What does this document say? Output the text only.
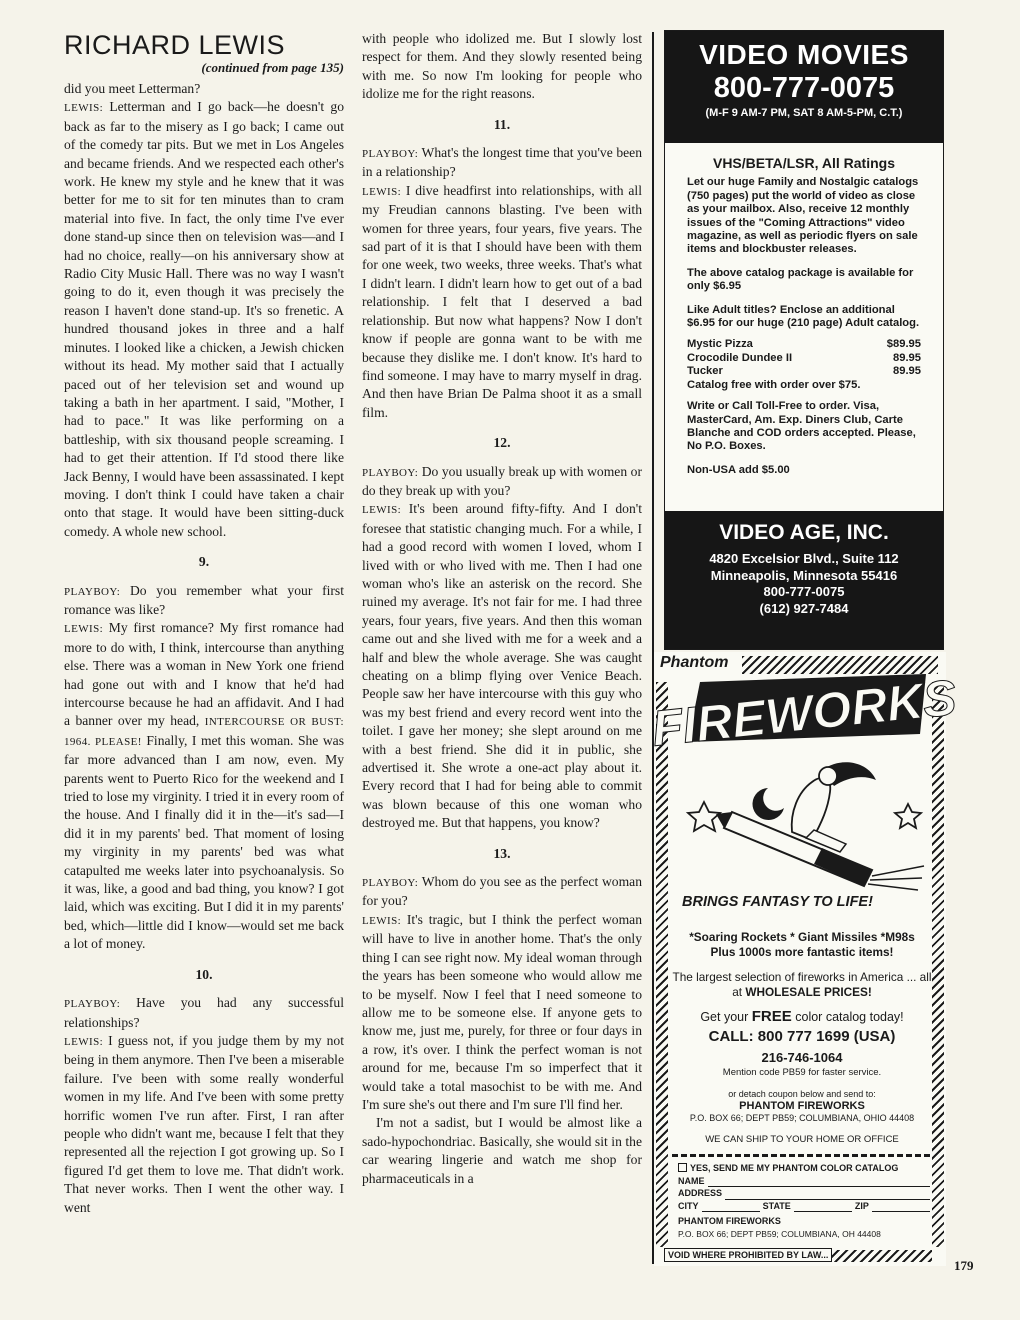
RICHARD LEWIS
(continued from page 135)

did you meet Letterman?

LEWIS: Letterman and I go back—he doesn't go back as far to the misery as I go back; I came out of the comedy tar pits. But we met in Los Angeles and became friends. And we respected each other's work. He knew my style and he knew that it was better for me to sit for ten minutes than to cram material into five. In fact, the only time I've ever done stand-up since then on television was—and I had no choice, really—on his anniversary show at Radio City Music Hall. There was no way I wasn't going to do it, even though it was precisely the reason I haven't done stand-up. It's so frenetic. A hundred thousand jokes in three and a half minutes. I looked like a chicken, a Jewish chicken without its head. My mother said that I actually paced out of her television set and wound up taking a bath in her apartment. I said, "Mother, I had to pace." It was like performing on a battleship, with six thousand people screaming. I had to get their attention. If I'd stood there like Jack Benny, I would have been assassinated. I kept moving. I don't think I could have taken a chair onto that stage. It would have been sitting-duck comedy. A whole new school.

9.

PLAYBOY: Do you remember what your first romance was like?

LEWIS: My first romance? My first romance had more to do with, I think, intercourse than anything else. There was a woman in New York one friend had gone out with and I know that he'd had intercourse because he had an affidavit. And I had a banner over my head, INTERCOURSE OR BUST: 1964. PLEASE! Finally, I met this woman. She was far more advanced than I am now, even. My parents went to Puerto Rico for the weekend and I tried to lose my virginity. I tried it in every room of the house. And I finally did it in the—it's sad—I did it in my parents' bed. That moment of losing my virginity in my parents' bed was what catapulted me weeks later into psychoanalysis. So it was, like, a good and bad thing, you know? I got laid, which was exciting. But I did it in my parents' bed, which—little did I know—would set me back a lot of money.

10.

PLAYBOY: Have you had any successful relationships?

LEWIS: I guess not, if you judge them by my not being in them anymore. Then I've been a miserable failure. I've been with some really wonderful women in my life. And I've been with some pretty horrific women I've run after. First, I ran after people who didn't want me, because I felt that they represented all the rejection I got growing up. So I figured I'd get them to love me. That didn't work. That never works. Then I went the other way. I went

with people who idolized me. But I slowly lost respect for them. And they slowly resented being with me. So now I'm looking for people who idolize me for the right reasons.

11.

PLAYBOY: What's the longest time that you've been in a relationship?

LEWIS: I dive headfirst into relationships, with all my Freudian cannons blasting. I've been with women for three years, four years, five years. The sad part of it is that I should have been with them for one week, two weeks, three weeks. That's what I didn't learn. I didn't learn how to get out of a bad relationship. I felt that I deserved a bad relationship. But now what happens? Now I don't know if people are gonna want to be with me because they dislike me. I don't know. It's hard to find someone. I may have to marry myself in drag. And then have Brian De Palma shoot it as a small film.

12.

PLAYBOY: Do you usually break up with women or do they break up with you?

LEWIS: It's been around fifty-fifty. And I don't foresee that statistic changing much. For a while, I had a good record with women I loved, whom I lived with or who lived with me. Then I had one woman who's like an asterisk on the record. She ruined my average. It's not fair for me. I had three years, four years, five years. And then this woman came out and she lived with me for a week and a half and blew the whole average. She was caught cheating on a blimp flying over Venice Beach. People saw her have intercourse with this guy who was my best friend and every record went into the toilet. I gave her money; she slept around on me with a best friend. She did it in public, she advertised it. She wrote a one-act play about it. Every record that I had for being able to commit was blown because of this one woman who destroyed me. But that happens, you know?

13.

PLAYBOY: Whom do you see as the perfect woman for you?

LEWIS: It's tragic, but I think the perfect woman will have to live in another home. That's the only thing I can see right now. My ideal woman through the years has been someone who would allow me to be myself. Now I feel that I need someone to allow me to be someone else. If anyone gets to know me, just me, purely, for three or four days in a row, it's over. I think the perfect woman is not around for me, because I'm so imperfect that it would take a total masochist to be with me. And I'm sure she's out there and I'm sure I'll find her.

I'm not a sadist, but I would be almost like a sado-hypochondriac. Basically, she would sit in the car wearing lingerie and watch me shop for pharmaceuticals in a

VIDEO MOVIES
800-777-0075
(M-F 9 AM-7 PM, SAT 8 AM-5-PM, C.T.)
VHS/BETA/LSR, All Ratings

Let our huge Family and Nostalgic catalogs (750 pages) put the world of video as close as your mailbox. Also, receive 12 monthly issues of the "Coming Attractions" video magazine, as well as periodic flyers on sale items and blockbuster releases.

The above catalog package is available for only $6.95

Like Adult titles? Enclose an additional $6.95 for our huge (210 page) Adult catalog.

Mystic Pizza	$89.95
Crocodile Dundee II	89.95
Tucker	89.95
Catalog free with order over $75.

Write or Call Toll-Free to order. Visa, MasterCard, Am. Exp. Diners Club, Carte Blanche and COD orders accepted. Please, No P.O. Boxes.

Non-USA add $5.00

VIDEO AGE, INC.
4820 Excelsior Blvd., Suite 112
Minneapolis, Minnesota 55416
800-777-0075
(612) 927-7484
Phantom
FIREWORKS
BRINGS FANTASY TO LIFE!
*Soaring Rockets * Giant Missiles *M98s
Plus 1000s more fantastic items!
The largest selection of fireworks in America ... all at WHOLESALE PRICES!
Get your FREE color catalog today!
CALL: 800 777 1699 (USA)
216-746-1064
Mention code PB59 for faster service.
or detach coupon below and send to:
PHANTOM FIREWORKS
P.O. BOX 66; DEPT PB59; COLUMBIANA, OHIO 44408
WE CAN SHIP TO YOUR HOME OR OFFICE
YES, SEND ME MY PHANTOM COLOR CATALOG
NAME
ADDRESS
CITY	STATE	ZIP
PHANTOM FIREWORKS
P.O. BOX 66; DEPT PB59; COLUMBIANA, OH 44408
VOID WHERE PROHIBITED BY LAW...
179
